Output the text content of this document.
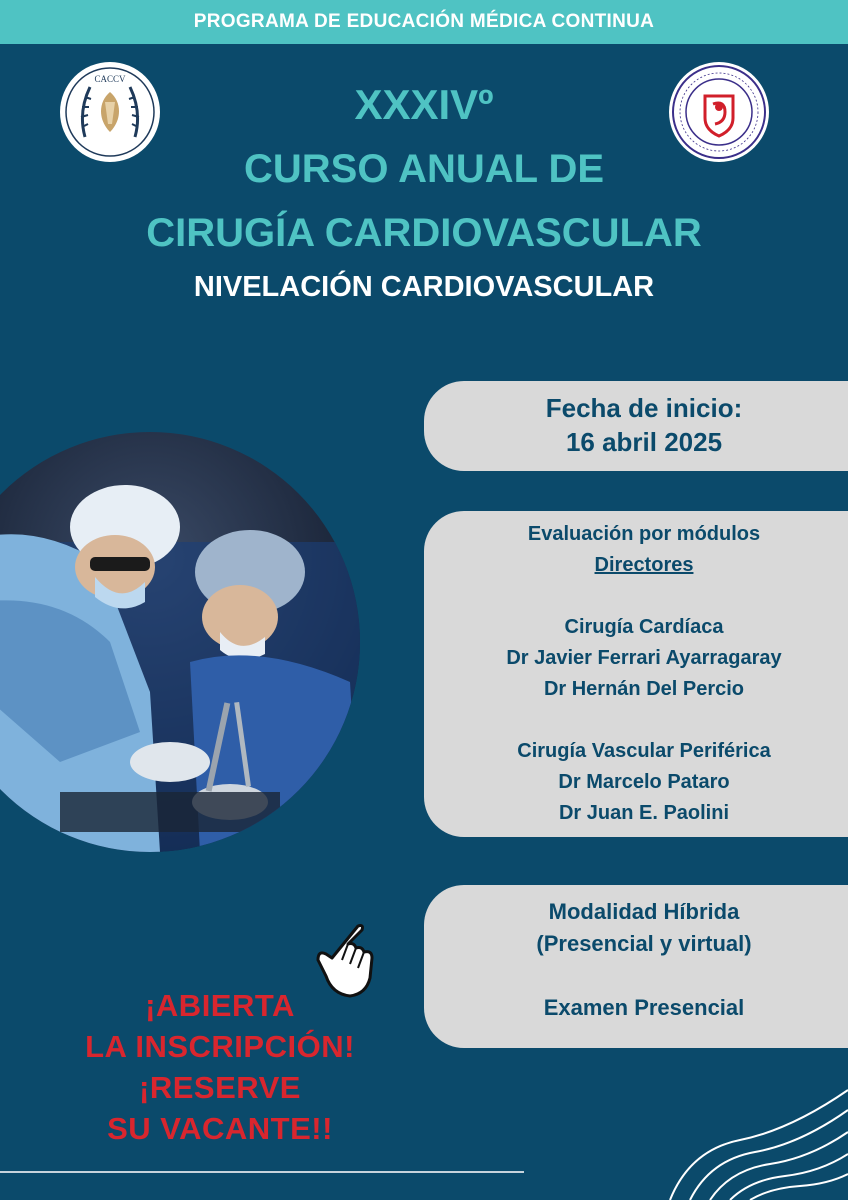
PROGRAMA DE EDUCACIÓN MÉDICA CONTINUA
CACCV
XXXIVº
CURSO ANUAL DE
CIRUGÍA CARDIOVASCULAR
NIVELACIÓN CARDIOVASCULAR
Fecha de inicio:
16 abril 2025
Evaluación por módulos
Directores
Cirugía Cardíaca
Dr Javier Ferrari Ayarragaray
Dr Hernán Del Percio
Cirugía Vascular Periférica
Dr Marcelo Pataro
Dr Juan E. Paolini
Modalidad Híbrida
(Presencial y virtual)
Examen Presencial
¡ABIERTA
LA INSCRIPCIÓN!
¡RESERVE
SU VACANTE!!
